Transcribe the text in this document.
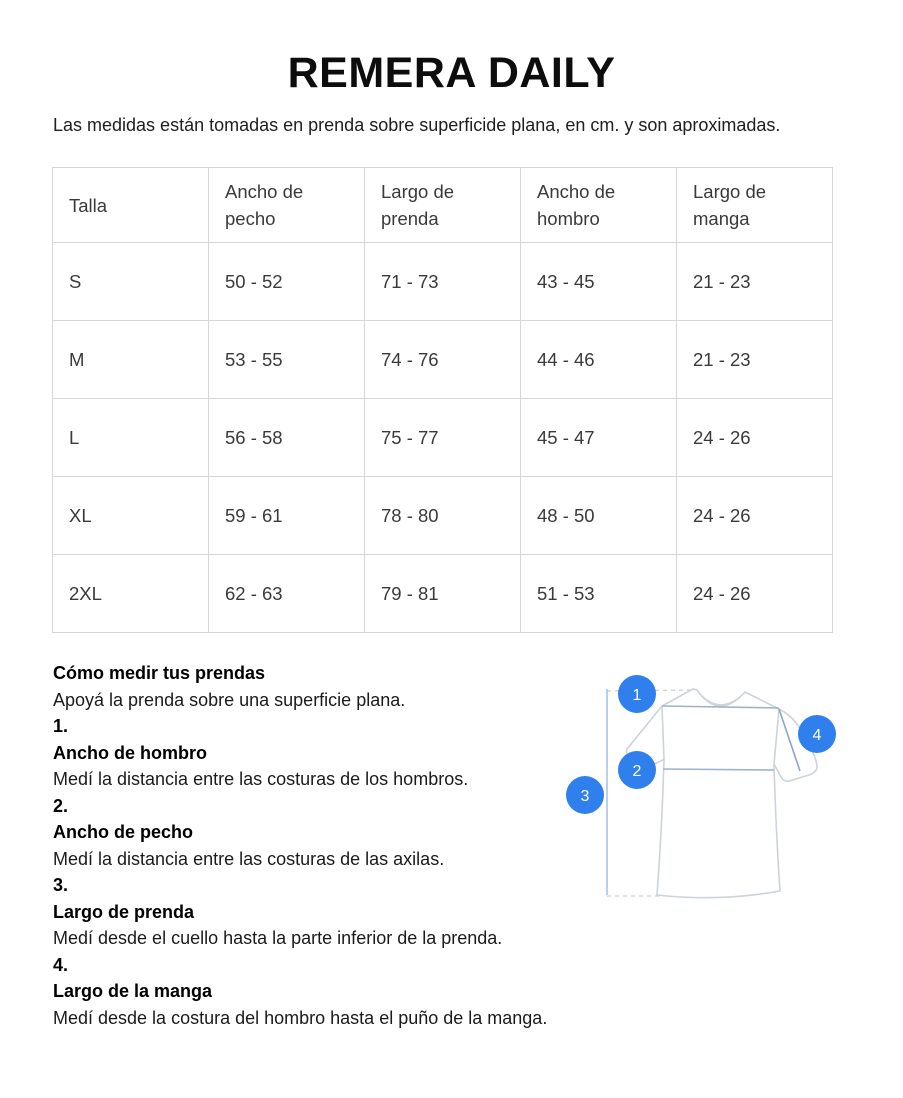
REMERA DAILY
Las medidas están tomadas en prenda sobre superficide plana, en cm. y son aproximadas.
Talla	Ancho de pecho	Largo de prenda	Ancho de hombro	Largo de manga
S	50 - 52	71 - 73	43 - 45	21 - 23
M	53 - 55	74 - 76	44 - 46	21 - 23
L	56 - 58	75 - 77	45 - 47	24 - 26
XL	59 - 61	78 - 80	48 - 50	24 - 26
2XL	62 - 63	79 - 81	51 - 53	24 - 26
Cómo medir tus prendas
Apoyá la prenda sobre una superficie plana.
1.
Ancho de hombro
Medí la distancia entre las costuras de los hombros.
2.
Ancho de pecho
Medí la distancia entre las costuras de las axilas.
3.
Largo de prenda
Medí desde el cuello hasta la parte inferior de la prenda.
4.
Largo de la manga
Medí desde la costura del hombro hasta el puño de la manga.
1
2
3
4
